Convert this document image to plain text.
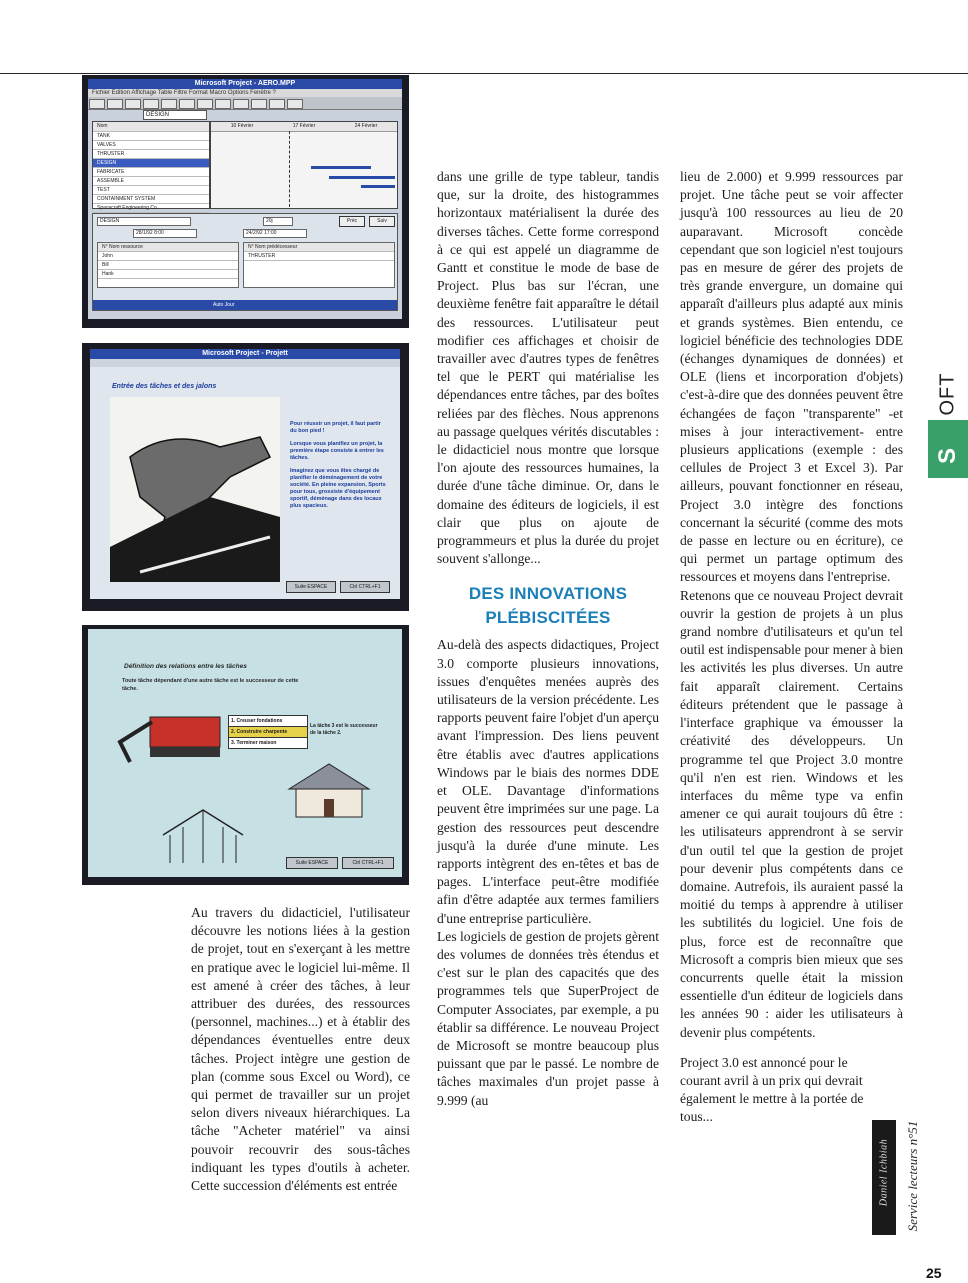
Microsoft Project - AERO.MPP
Fichier Edition Affichage Table Filtre Format Macro Options Fenêtre ?
DESIGN
Nom
TANK
VALVES
THRUSTER
DESIGN
FABRICATE
ASSEMBLE
TEST
CONTAINMENT SYSTEM
Spacecraft Engineering Co.
10 Février	17 Février	24 Février
DESIGN	20j	Préc	Suiv
28/1/92 8:00	24/2/92 17:00
N° Nom ressource
John
Bill
Hank
N° Nom prédécesseur
THRUSTER
Auto Jour
Microsoft Project - Projett
Entrée des tâches et des jalons
Pour réussir un projet, il faut partir du bon pied !
Lorsque vous planifiez un projet, la première étape consiste à entrer les tâches.
Imaginez que vous êtes chargé de planifier le déménagement de votre société. En pleine expansion, Sports pour tous, grossiste d'équipement sportif, déménage dans des locaux plus spacieux.
Suite ESPACE	Ctrl CTRL+F1
Définition des relations entre les tâches
Toute tâche dépendant d'une autre tâche est le successeur de cette tâche.
1. Creuser fondations
2. Construire charpente
3. Terminer maison
La tâche 3 est le successeur de la tâche 2.
Suite ESPACE	Ctrl CTRL+F1

Au travers du didacticiel, l'utilisateur découvre les notions liées à la gestion de projet, tout en s'exerçant à les mettre en pratique avec le logiciel lui-même. Il est amené à créer des tâches, à leur attribuer des durées, des ressources (personnel, machines...) et à établir des dépendances éventuelles entre deux tâches. Project intègre une gestion de plan (comme sous Excel ou Word), ce qui permet de travailler sur un projet selon divers niveaux hiérarchiques. La tâche "Acheter matériel" va ainsi pouvoir recouvrir des sous-tâches indiquant les types d'outils à acheter. Cette succession d'éléments est entrée

dans une grille de type tableur, tandis que, sur la droite, des histogrammes horizontaux matérialisent la durée des diverses tâches. Cette forme correspond à ce qui est appelé un diagramme de Gantt et constitue le mode de base de Project. Plus bas sur l'écran, une deuxième fenêtre fait apparaître le détail des ressources. L'utilisateur peut modifier ces affichages et choisir de travailler avec d'autres types de fenêtres tel que le PERT qui matérialise les dépendances entre tâches, par des boîtes reliées par des flèches. Nous apprenons au passage quelques vérités discutables : le didacticiel nous montre que lorsque l'on ajoute des ressources humaines, la durée d'une tâche diminue. Or, dans le domaine des éditeurs de logiciels, il est clair que plus on ajoute de programmeurs et plus la durée du projet souvent s'allonge...

DES INNOVATIONS
PLÉBISCITÉES

Au-delà des aspects didactiques, Project 3.0 comporte plusieurs innovations, issues d'enquêtes menées auprès des utilisateurs de la version précédente. Les rapports peuvent faire l'objet d'un aperçu avant l'impression. Des liens peuvent être établis avec d'autres applications Windows par le biais des normes DDE et OLE. Davantage d'informations peuvent être imprimées sur une page. La gestion des ressources peut descendre jusqu'à la durée d'une minute. Les rapports intègrent des en-têtes et bas de pages. L'interface peut-être modifiée afin d'être adaptée aux termes familiers d'une entreprise particulière.

Les logiciels de gestion de projets gèrent des volumes de données très étendus et c'est sur le plan des capacités que des programmes tels que SuperProject de Computer Associates, par exemple, a pu établir sa différence. Le nouveau Project de Microsoft se montre beaucoup plus puissant que par le passé. Le nombre de tâches maximales d'un projet passe à 9.999 (au

lieu de 2.000) et 9.999 ressources par projet. Une tâche peut se voir affecter jusqu'à 100 ressources au lieu de 20 auparavant. Microsoft concède cependant que son logiciel n'est toujours pas en mesure de gérer des projets de très grande envergure, un domaine qui apparaît d'ailleurs plus adapté aux minis et grands systèmes. Bien entendu, ce logiciel bénéficie des technologies DDE (échanges dynamiques de données) et OLE (liens et incorporation d'objets) c'est-à-dire que des données peuvent être échangées de façon "transparente" -et mises à jour interactivement- entre plusieurs applications (exemple : des cellules de Project 3 et Excel 3). Par ailleurs, pouvant fonctionner en réseau, Project 3.0 intègre des fonctions concernant la sécurité (comme des mots de passe en lecture ou en écriture), ce qui permet un partage optimum des ressources et moyens dans l'entreprise.

Retenons que ce nouveau Project devrait ouvrir la gestion de projets à un plus grand nombre d'utilisateurs et qu'un tel outil est indispensable pour mener à bien les activités les plus diverses. Un autre fait apparaît clairement. Certains éditeurs prétendent que le passage à l'interface graphique va émousser la créativité des développeurs. Un programme tel que Project 3.0 montre qu'il n'en est rien. Windows et les interfaces du même type va enfin amener ce qui aurait toujours dû être : les utilisateurs apprendront à se servir d'un outil tel que la gestion de projet pour devenir plus compétents dans ce domaine. Autrefois, ils auraient passé la moitié du temps à apprendre à utiliser les subtilités du logiciel. Une fois de plus, force est de reconnaître que Microsoft a compris bien mieux que ses concurrents quelle était la mission essentielle d'un éditeur de logiciels dans les années 90 : aider les utilisateurs à devenir plus compétents.

Project 3.0 est annoncé pour le courant avril à un prix qui devrait également le mettre à la portée de tous...

OFT
S
Daniel Ichbiah Service lecteurs n°51
25
